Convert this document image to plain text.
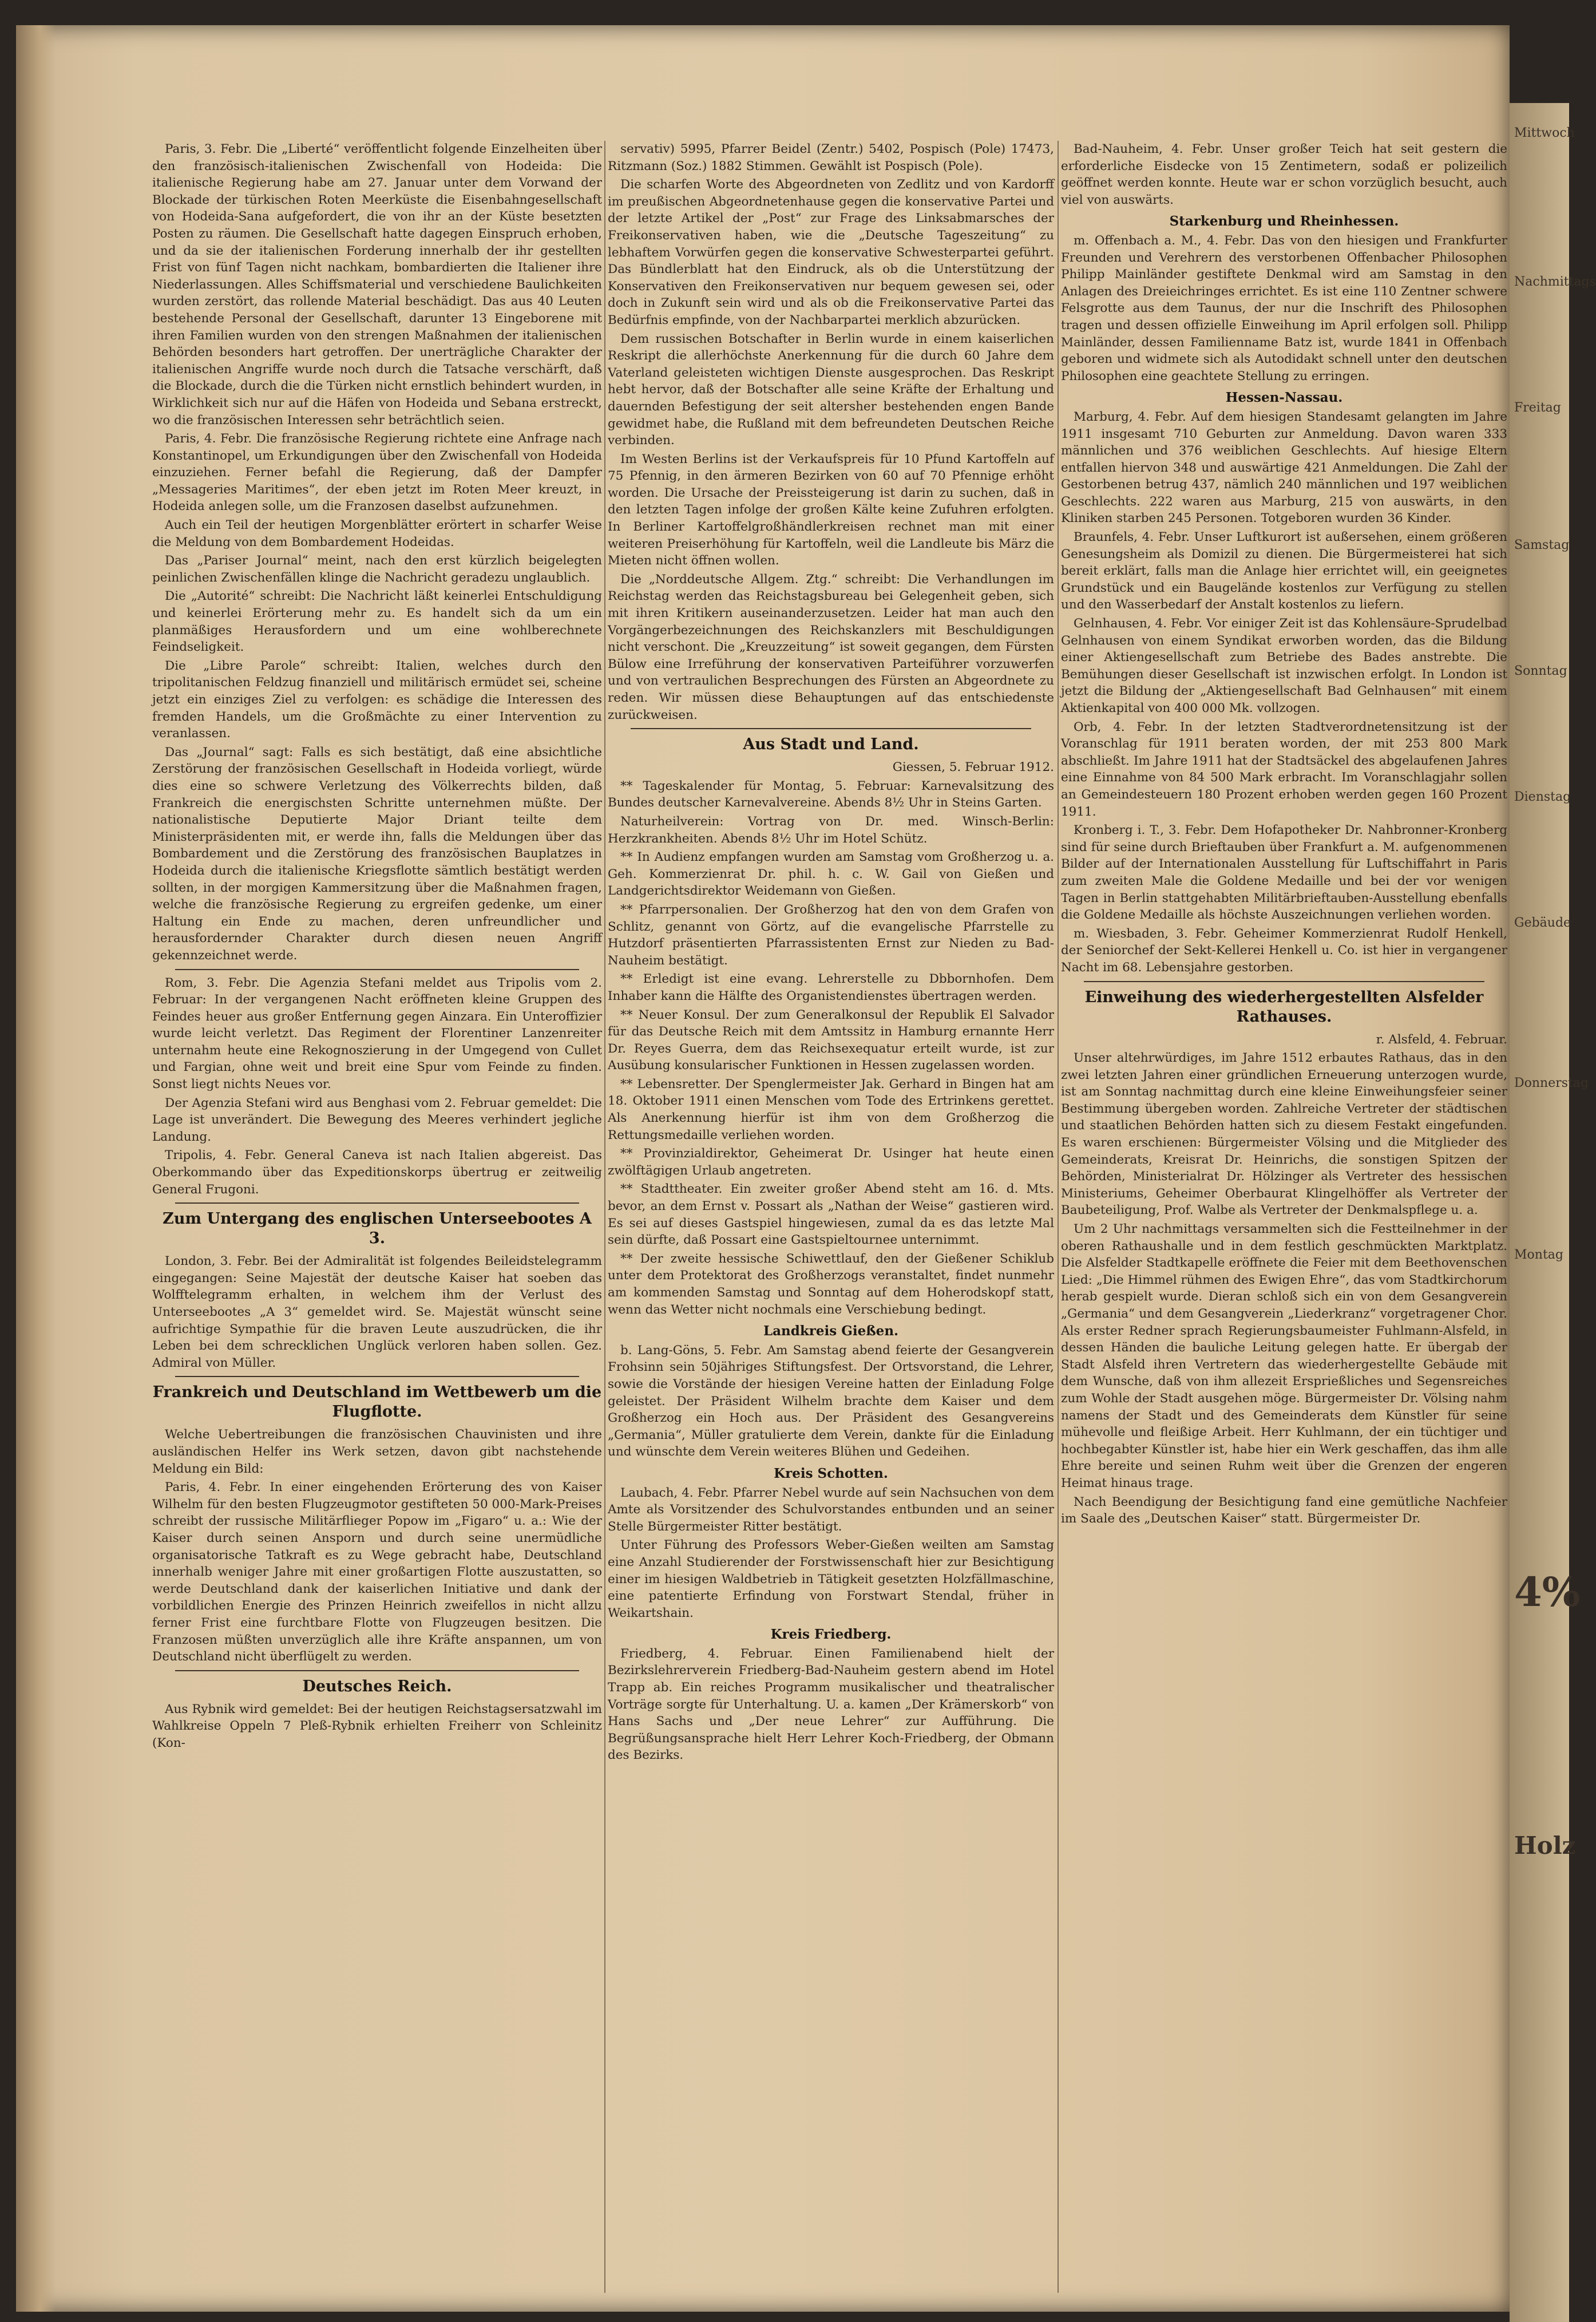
Mittwoch
Nachmittags
Freitag
Samstag
Sonntag
Dienstag
Gebäude
Donnerstag
Montag
4%
Holz

Paris, 3. Febr. Die „Liberté“ veröffentlicht folgende Einzelheiten über den französisch-italienischen Zwischenfall von Hodeida: Die italienische Regierung habe am 27. Januar unter dem Vorwand der Blockade der türkischen Roten Meerküste die Eisenbahngesellschaft von Hodeida-Sana aufgefordert, die von ihr an der Küste besetzten Posten zu räumen. Die Gesellschaft hatte dagegen Einspruch erhoben, und da sie der italienischen Forderung innerhalb der ihr gestellten Frist von fünf Tagen nicht nachkam, bombardierten die Italiener ihre Niederlassungen. Alles Schiffsmaterial und verschiedene Baulichkeiten wurden zerstört, das rollende Material beschädigt. Das aus 40 Leuten bestehende Personal der Gesellschaft, darunter 13 Eingeborene mit ihren Familien wurden von den strengen Maßnahmen der italienischen Behörden besonders hart getroffen. Der unerträgliche Charakter der italienischen Angriffe wurde noch durch die Tatsache verschärft, daß die Blockade, durch die die Türken nicht ernstlich behindert wurden, in Wirklichkeit sich nur auf die Häfen von Hodeida und Sebana erstreckt, wo die französischen Interessen sehr beträchtlich seien.

Paris, 4. Febr. Die französische Regierung richtete eine Anfrage nach Konstantinopel, um Erkundigungen über den Zwischenfall von Hodeida einzuziehen. Ferner befahl die Regierung, daß der Dampfer „Messageries Maritimes“, der eben jetzt im Roten Meer kreuzt, in Hodeida anlegen solle, um die Franzosen daselbst aufzunehmen.

Auch ein Teil der heutigen Morgenblätter erörtert in scharfer Weise die Meldung von dem Bombardement Hodeidas.

Das „Pariser Journal“ meint, nach den erst kürzlich beigelegten peinlichen Zwischenfällen klinge die Nachricht geradezu unglaublich.

Die „Autorité“ schreibt: Die Nachricht läßt keinerlei Entschuldigung und keinerlei Erörterung mehr zu. Es handelt sich da um ein planmäßiges Herausfordern und um eine wohlberechnete Feindseligkeit.

Die „Libre Parole“ schreibt: Italien, welches durch den tripolitanischen Feldzug finanziell und militärisch ermüdet sei, scheine jetzt ein einziges Ziel zu verfolgen: es schädige die Interessen des fremden Handels, um die Großmächte zu einer Intervention zu veranlassen.

Das „Journal“ sagt: Falls es sich bestätigt, daß eine absichtliche Zerstörung der französischen Gesellschaft in Hodeida vorliegt, würde dies eine so schwere Verletzung des Völkerrechts bilden, daß Frankreich die energischsten Schritte unternehmen müßte. Der nationalistische Deputierte Major Driant teilte dem Ministerpräsidenten mit, er werde ihn, falls die Meldungen über das Bombardement und die Zerstörung des französischen Bauplatzes in Hodeida durch die italienische Kriegsflotte sämtlich bestätigt werden sollten, in der morgigen Kammersitzung über die Maßnahmen fragen, welche die französische Regierung zu ergreifen gedenke, um einer Haltung ein Ende zu machen, deren unfreundlicher und herausfordernder Charakter durch diesen neuen Angriff gekennzeichnet werde.

Rom, 3. Febr. Die Agenzia Stefani meldet aus Tripolis vom 2. Februar: In der vergangenen Nacht eröffneten kleine Gruppen des Feindes heuer aus großer Entfernung gegen Ainzara. Ein Unteroffizier wurde leicht verletzt. Das Regiment der Florentiner Lanzenreiter unternahm heute eine Rekognoszierung in der Umgegend von Cullet und Fargian, ohne weit und breit eine Spur vom Feinde zu finden. Sonst liegt nichts Neues vor.

Der Agenzia Stefani wird aus Benghasi vom 2. Februar gemeldet: Die Lage ist unverändert. Die Bewegung des Meeres verhindert jegliche Landung.

Tripolis, 4. Febr. General Caneva ist nach Italien abgereist. Das Oberkommando über das Expeditionskorps übertrug er zeitweilig General Frugoni.

Zum Untergang des englischen Unterseebootes A 3.

London, 3. Febr. Bei der Admiralität ist folgendes Beileidstelegramm eingegangen: Seine Majestät der deutsche Kaiser hat soeben das Wolfftelegramm erhalten, in welchem ihm der Verlust des Unterseebootes „A 3“ gemeldet wird. Se. Majestät wünscht seine aufrichtige Sympathie für die braven Leute auszudrücken, die ihr Leben bei dem schrecklichen Unglück verloren haben sollen. Gez. Admiral von Müller.

Frankreich und Deutschland im Wettbewerb um die Flugflotte.

Welche Uebertreibungen die französischen Chauvinisten und ihre ausländischen Helfer ins Werk setzen, davon gibt nachstehende Meldung ein Bild:

Paris, 4. Febr. In einer eingehenden Erörterung des von Kaiser Wilhelm für den besten Flugzeugmotor gestifteten 50 000-Mark-Preises schreibt der russische Militärflieger Popow im „Figaro“ u. a.: Wie der Kaiser durch seinen Ansporn und durch seine unermüdliche organisatorische Tatkraft es zu Wege gebracht habe, Deutschland innerhalb weniger Jahre mit einer großartigen Flotte auszustatten, so werde Deutschland dank der kaiserlichen Initiative und dank der vorbildlichen Energie des Prinzen Heinrich zweifellos in nicht allzu ferner Frist eine furchtbare Flotte von Flugzeugen besitzen. Die Franzosen müßten unverzüglich alle ihre Kräfte anspannen, um von Deutschland nicht überflügelt zu werden.

Deutsches Reich.

Aus Rybnik wird gemeldet: Bei der heutigen Reichstagsersatzwahl im Wahlkreise Oppeln 7 Pleß-Rybnik erhielten Freiherr von Schleinitz (Kon-

servativ) 5995, Pfarrer Beidel (Zentr.) 5402, Pospisch (Pole) 17473, Ritzmann (Soz.) 1882 Stimmen. Gewählt ist Pospisch (Pole).

Die scharfen Worte des Abgeordneten von Zedlitz und von Kardorff im preußischen Abgeordnetenhause gegen die konservative Partei und der letzte Artikel der „Post“ zur Frage des Linksabmarsches der Freikonservativen haben, wie die „Deutsche Tageszeitung“ zu lebhaftem Vorwürfen gegen die konservative Schwesterpartei geführt. Das Bündlerblatt hat den Eindruck, als ob die Unterstützung der Konservativen den Freikonservativen nur bequem gewesen sei, oder doch in Zukunft sein wird und als ob die Freikonservative Partei das Bedürfnis empfinde, von der Nachbarpartei merklich abzurücken.

Dem russischen Botschafter in Berlin wurde in einem kaiserlichen Reskript die allerhöchste Anerkennung für die durch 60 Jahre dem Vaterland geleisteten wichtigen Dienste ausgesprochen. Das Reskript hebt hervor, daß der Botschafter alle seine Kräfte der Erhaltung und dauernden Befestigung der seit altersher bestehenden engen Bande gewidmet habe, die Rußland mit dem befreundeten Deutschen Reiche verbinden.

Im Westen Berlins ist der Verkaufspreis für 10 Pfund Kartoffeln auf 75 Pfennig, in den ärmeren Bezirken von 60 auf 70 Pfennige erhöht worden. Die Ursache der Preissteigerung ist darin zu suchen, daß in den letzten Tagen infolge der großen Kälte keine Zufuhren erfolgten. In Berliner Kartoffelgroßhändlerkreisen rechnet man mit einer weiteren Preiserhöhung für Kartoffeln, weil die Landleute bis März die Mieten nicht öffnen wollen.

Die „Norddeutsche Allgem. Ztg.“ schreibt: Die Verhandlungen im Reichstag werden das Reichstagsbureau bei Gelegenheit geben, sich mit ihren Kritikern auseinanderzusetzen. Leider hat man auch den Vorgängerbezeichnungen des Reichskanzlers mit Beschuldigungen nicht verschont. Die „Kreuzzeitung“ ist soweit gegangen, dem Fürsten Bülow eine Irreführung der konservativen Parteiführer vorzuwerfen und von vertraulichen Besprechungen des Fürsten an Abgeordnete zu reden. Wir müssen diese Behauptungen auf das entschiedenste zurückweisen.

Aus Stadt und Land.

Giessen, 5. Februar 1912.

** Tageskalender für Montag, 5. Februar: Karnevalsitzung des Bundes deutscher Karnevalvereine. Abends 8½ Uhr in Steins Garten.

Naturheilverein: Vortrag von Dr. med. Winsch-Berlin: Herzkrankheiten. Abends 8½ Uhr im Hotel Schütz.

** In Audienz empfangen wurden am Samstag vom Großherzog u. a. Geh. Kommerzienrat Dr. phil. h. c. W. Gail von Gießen und Landgerichtsdirektor Weidemann von Gießen.

** Pfarrpersonalien. Der Großherzog hat den von dem Grafen von Schlitz, genannt von Görtz, auf die evangelische Pfarrstelle zu Hutzdorf präsentierten Pfarrassistenten Ernst zur Nieden zu Bad-Nauheim bestätigt.

** Erledigt ist eine evang. Lehrerstelle zu Dbbornhofen. Dem Inhaber kann die Hälfte des Organistendienstes übertragen werden.

** Neuer Konsul. Der zum Generalkonsul der Republik El Salvador für das Deutsche Reich mit dem Amtssitz in Hamburg ernannte Herr Dr. Reyes Guerra, dem das Reichsexequatur erteilt wurde, ist zur Ausübung konsularischer Funktionen in Hessen zugelassen worden.

** Lebensretter. Der Spenglermeister Jak. Gerhard in Bingen hat am 18. Oktober 1911 einen Menschen vom Tode des Ertrinkens gerettet. Als Anerkennung hierfür ist ihm von dem Großherzog die Rettungsmedaille verliehen worden.

** Provinzialdirektor, Geheimerat Dr. Usinger hat heute einen zwölftägigen Urlaub angetreten.

** Stadttheater. Ein zweiter großer Abend steht am 16. d. Mts. bevor, an dem Ernst v. Possart als „Nathan der Weise“ gastieren wird. Es sei auf dieses Gastspiel hingewiesen, zumal da es das letzte Mal sein dürfte, daß Possart eine Gastspieltournee unternimmt.

** Der zweite hessische Schiwettlauf, den der Gießener Schiklub unter dem Protektorat des Großherzogs veranstaltet, findet nunmehr am kommenden Samstag und Sonntag auf dem Hoherodskopf statt, wenn das Wetter nicht nochmals eine Verschiebung bedingt.

Landkreis Gießen.

b. Lang-Göns, 5. Febr. Am Samstag abend feierte der Gesangverein Frohsinn sein 50jähriges Stiftungsfest. Der Ortsvorstand, die Lehrer, sowie die Vorstände der hiesigen Vereine hatten der Einladung Folge geleistet. Der Präsident Wilhelm brachte dem Kaiser und dem Großherzog ein Hoch aus. Der Präsident des Gesangvereins „Germania“, Müller gratulierte dem Verein, dankte für die Einladung und wünschte dem Verein weiteres Blühen und Gedeihen.

Kreis Schotten.

Laubach, 4. Febr. Pfarrer Nebel wurde auf sein Nachsuchen von dem Amte als Vorsitzender des Schulvorstandes entbunden und an seiner Stelle Bürgermeister Ritter bestätigt.

Unter Führung des Professors Weber-Gießen weilten am Samstag eine Anzahl Studierender der Forstwissenschaft hier zur Besichtigung einer im hiesigen Waldbetrieb in Tätigkeit gesetzten Holzfällmaschine, eine patentierte Erfindung von Forstwart Stendal, früher in Weikartshain.

Kreis Friedberg.

Friedberg, 4. Februar. Einen Familienabend hielt der Bezirkslehrerverein Friedberg-Bad-Nauheim gestern abend im Hotel Trapp ab. Ein reiches Programm musikalischer und theatralischer Vorträge sorgte für Unterhaltung. U. a. kamen „Der Krämerskorb“ von Hans Sachs und „Der neue Lehrer“ zur Aufführung. Die Begrüßungsansprache hielt Herr Lehrer Koch-Friedberg, der Obmann des Bezirks.

Bad-Nauheim, 4. Febr. Unser großer Teich hat seit gestern die erforderliche Eisdecke von 15 Zentimetern, sodaß er polizeilich geöffnet werden konnte. Heute war er schon vorzüglich besucht, auch viel von auswärts.

Starkenburg und Rheinhessen.

m. Offenbach a. M., 4. Febr. Das von den hiesigen und Frankfurter Freunden und Verehrern des verstorbenen Offenbacher Philosophen Philipp Mainländer gestiftete Denkmal wird am Samstag in den Anlagen des Dreieichringes errichtet. Es ist eine 110 Zentner schwere Felsgrotte aus dem Taunus, der nur die Inschrift des Philosophen tragen und dessen offizielle Einweihung im April erfolgen soll. Philipp Mainländer, dessen Familienname Batz ist, wurde 1841 in Offenbach geboren und widmete sich als Autodidakt schnell unter den deutschen Philosophen eine geachtete Stellung zu erringen.

Hessen-Nassau.

Marburg, 4. Febr. Auf dem hiesigen Standesamt gelangten im Jahre 1911 insgesamt 710 Geburten zur Anmeldung. Davon waren 333 männlichen und 376 weiblichen Geschlechts. Auf hiesige Eltern entfallen hiervon 348 und auswärtige 421 Anmeldungen. Die Zahl der Gestorbenen betrug 437, nämlich 240 männlichen und 197 weiblichen Geschlechts. 222 waren aus Marburg, 215 von auswärts, in den Kliniken starben 245 Personen. Totgeboren wurden 36 Kinder.

Braunfels, 4. Febr. Unser Luftkurort ist außersehen, einem größeren Genesungsheim als Domizil zu dienen. Die Bürgermeisterei hat sich bereit erklärt, falls man die Anlage hier errichtet will, ein geeignetes Grundstück und ein Baugelände kostenlos zur Verfügung zu stellen und den Wasserbedarf der Anstalt kostenlos zu liefern.

Gelnhausen, 4. Febr. Vor einiger Zeit ist das Kohlensäure-Sprudelbad Gelnhausen von einem Syndikat erworben worden, das die Bildung einer Aktiengesellschaft zum Betriebe des Bades anstrebte. Die Bemühungen dieser Gesellschaft ist inzwischen erfolgt. In London ist jetzt die Bildung der „Aktiengesellschaft Bad Gelnhausen“ mit einem Aktienkapital von 400 000 Mk. vollzogen.

Orb, 4. Febr. In der letzten Stadtverordnetensitzung ist der Voranschlag für 1911 beraten worden, der mit 253 800 Mark abschließt. Im Jahre 1911 hat der Stadtsäckel des abgelaufenen Jahres eine Einnahme von 84 500 Mark erbracht. Im Voranschlagjahr sollen an Gemeindesteuern 180 Prozent erhoben werden gegen 160 Prozent 1911.

Kronberg i. T., 3. Febr. Dem Hofapotheker Dr. Nahbronner-Kronberg sind für seine durch Brieftauben über Frankfurt a. M. aufgenommenen Bilder auf der Internationalen Ausstellung für Luftschiffahrt in Paris zum zweiten Male die Goldene Medaille und bei der vor wenigen Tagen in Berlin stattgehabten Militärbrieftauben-Ausstellung ebenfalls die Goldene Medaille als höchste Auszeichnungen verliehen worden.

m. Wiesbaden, 3. Febr. Geheimer Kommerzienrat Rudolf Henkell, der Seniorchef der Sekt-Kellerei Henkell u. Co. ist hier in vergangener Nacht im 68. Lebensjahre gestorben.

Einweihung des wiederhergestellten Alsfelder Rathauses.

r. Alsfeld, 4. Februar.

Unser altehrwürdiges, im Jahre 1512 erbautes Rathaus, das in den zwei letzten Jahren einer gründlichen Erneuerung unterzogen wurde, ist am Sonntag nachmittag durch eine kleine Einweihungsfeier seiner Bestimmung übergeben worden. Zahlreiche Vertreter der städtischen und staatlichen Behörden hatten sich zu diesem Festakt eingefunden. Es waren erschienen: Bürgermeister Völsing und die Mitglieder des Gemeinderats, Kreisrat Dr. Heinrichs, die sonstigen Spitzen der Behörden, Ministerialrat Dr. Hölzinger als Vertreter des hessischen Ministeriums, Geheimer Oberbaurat Klingelhöffer als Vertreter der Baubeteiligung, Prof. Walbe als Vertreter der Denkmalspflege u. a.

Um 2 Uhr nachmittags versammelten sich die Festteilnehmer in der oberen Rathaushalle und in dem festlich geschmückten Marktplatz. Die Alsfelder Stadtkapelle eröffnete die Feier mit dem Beethovenschen Lied: „Die Himmel rühmen des Ewigen Ehre“, das vom Stadtkirchorum herab gespielt wurde. Dieran schloß sich ein von dem Gesangverein „Germania“ und dem Gesangverein „Liederkranz“ vorgetragener Chor. Als erster Redner sprach Regierungsbaumeister Fuhlmann-Alsfeld, in dessen Händen die bauliche Leitung gelegen hatte. Er übergab der Stadt Alsfeld ihren Vertretern das wiederhergestellte Gebäude mit dem Wunsche, daß von ihm allezeit Ersprießliches und Segensreiches zum Wohle der Stadt ausgehen möge. Bürgermeister Dr. Völsing nahm namens der Stadt und des Gemeinderats dem Künstler für seine mühevolle und fleißige Arbeit. Herr Kuhlmann, der ein tüchtiger und hochbegabter Künstler ist, habe hier ein Werk geschaffen, das ihm alle Ehre bereite und seinen Ruhm weit über die Grenzen der engeren Heimat hinaus trage.

Nach Beendigung der Besichtigung fand eine gemütliche Nachfeier im Saale des „Deutschen Kaiser“ statt. Bürgermeister Dr.
